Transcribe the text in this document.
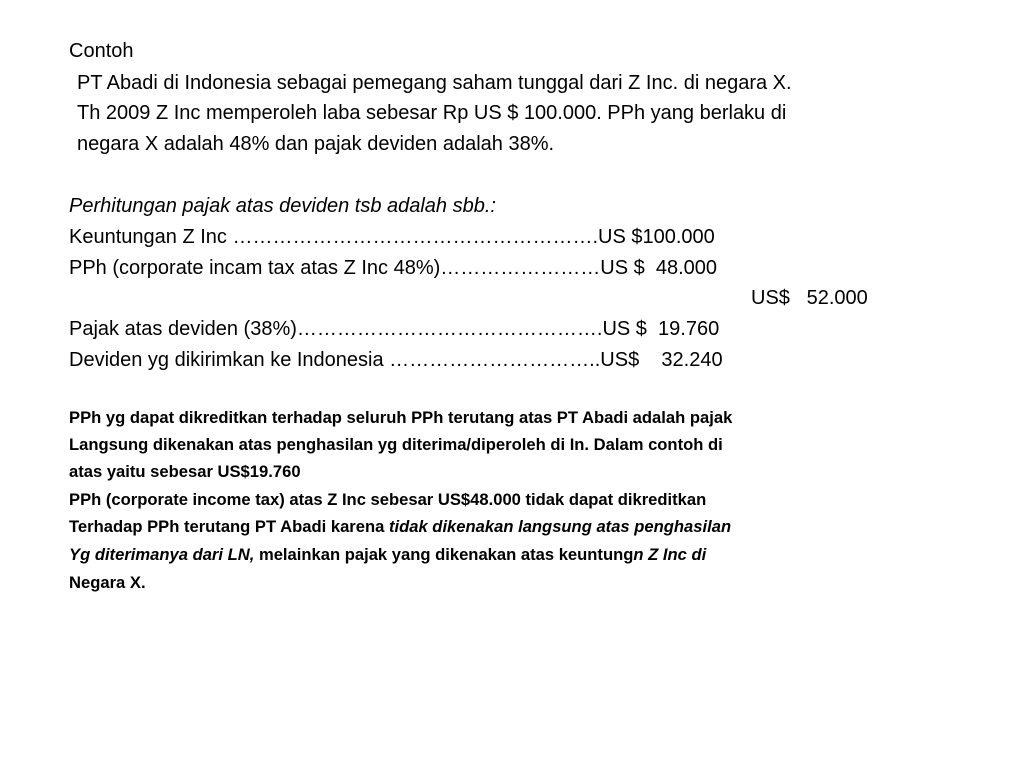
Contoh
PT Abadi di Indonesia sebagai pemegang saham tunggal dari Z Inc. di negara X.
Th 2009 Z Inc memperoleh laba sebesar Rp US $ 100.000. PPh yang berlaku di
negara X adalah 48% dan pajak deviden adalah 38%.
Perhitungan pajak atas deviden tsb adalah sbb.:
Keuntungan Z Inc ……………………………………………….US $100.000
PPh (corporate incam tax atas Z Inc 48%)……………………US $  48.000
US$   52.000
Pajak atas deviden (38%)……………………………………….US $  19.760
Deviden yg dikirimkan ke Indonesia …………………………..US$    32.240
PPh yg dapat dikreditkan terhadap seluruh PPh terutang atas PT Abadi adalah pajak
Langsung dikenakan atas penghasilan yg diterima/diperoleh di In. Dalam contoh di
atas yaitu sebesar US$19.760
PPh (corporate income tax) atas Z Inc sebesar US$48.000 tidak dapat dikreditkan
Terhadap PPh terutang PT Abadi karena tidak dikenakan langsung atas penghasilan
Yg diterimanya dari LN, melainkan pajak yang dikenakan atas keuntungn Z Inc di
Negara X.
